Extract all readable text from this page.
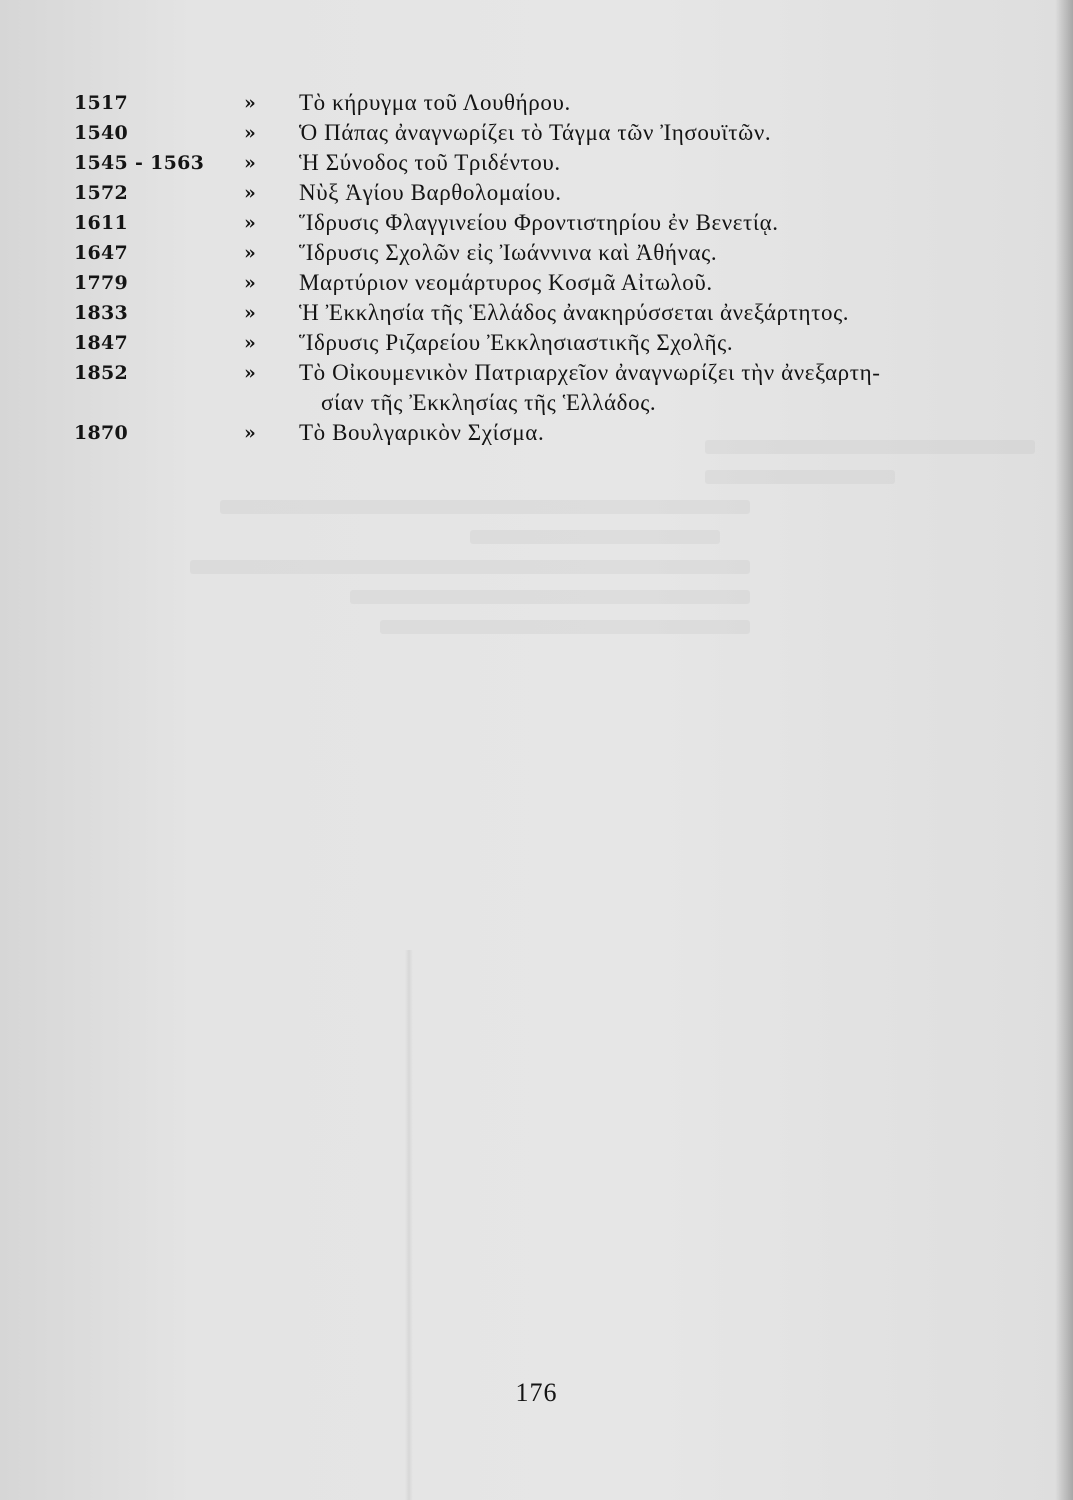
1517	» Τὸ κήρυγμα τοῦ Λουθήρου.
1540	» Ὁ Πάπας ἀναγνωρίζει τὸ Τάγμα τῶν Ἰησουϊτῶν.
1545 - 1563 » Ἡ Σύνοδος τοῦ Τριδέντου.
1572	» Νὺξ Ἁγίου Βαρθολομαίου.
1611	» Ἵδρυσις Φλαγγινείου Φροντιστηρίου ἐν Βενετίᾳ.
1647	» Ἵδρυσις Σχολῶν εἰς Ἰωάννινα καὶ Ἀθήνας.
1779	» Μαρτύριον νεομάρτυρος Κοσμᾶ Αἰτωλοῦ.
1833	» Ἡ Ἐκκλησία τῆς Ἑλλάδος ἀνακηρύσσεται ἀνεξάρτητος.
1847	» Ἵδρυσις Ριζαρείου Ἐκκλησιαστικῆς Σχολῆς.
1852	» Τὸ Οἰκουμενικὸν Πατριαρχεῖον ἀναγνωρίζει τὴν ἀνεξαρτη-
σίαν τῆς Ἐκκλησίας τῆς Ἑλλάδος.
1870	» Τὸ Βουλγαρικὸν Σχίσμα.
176
